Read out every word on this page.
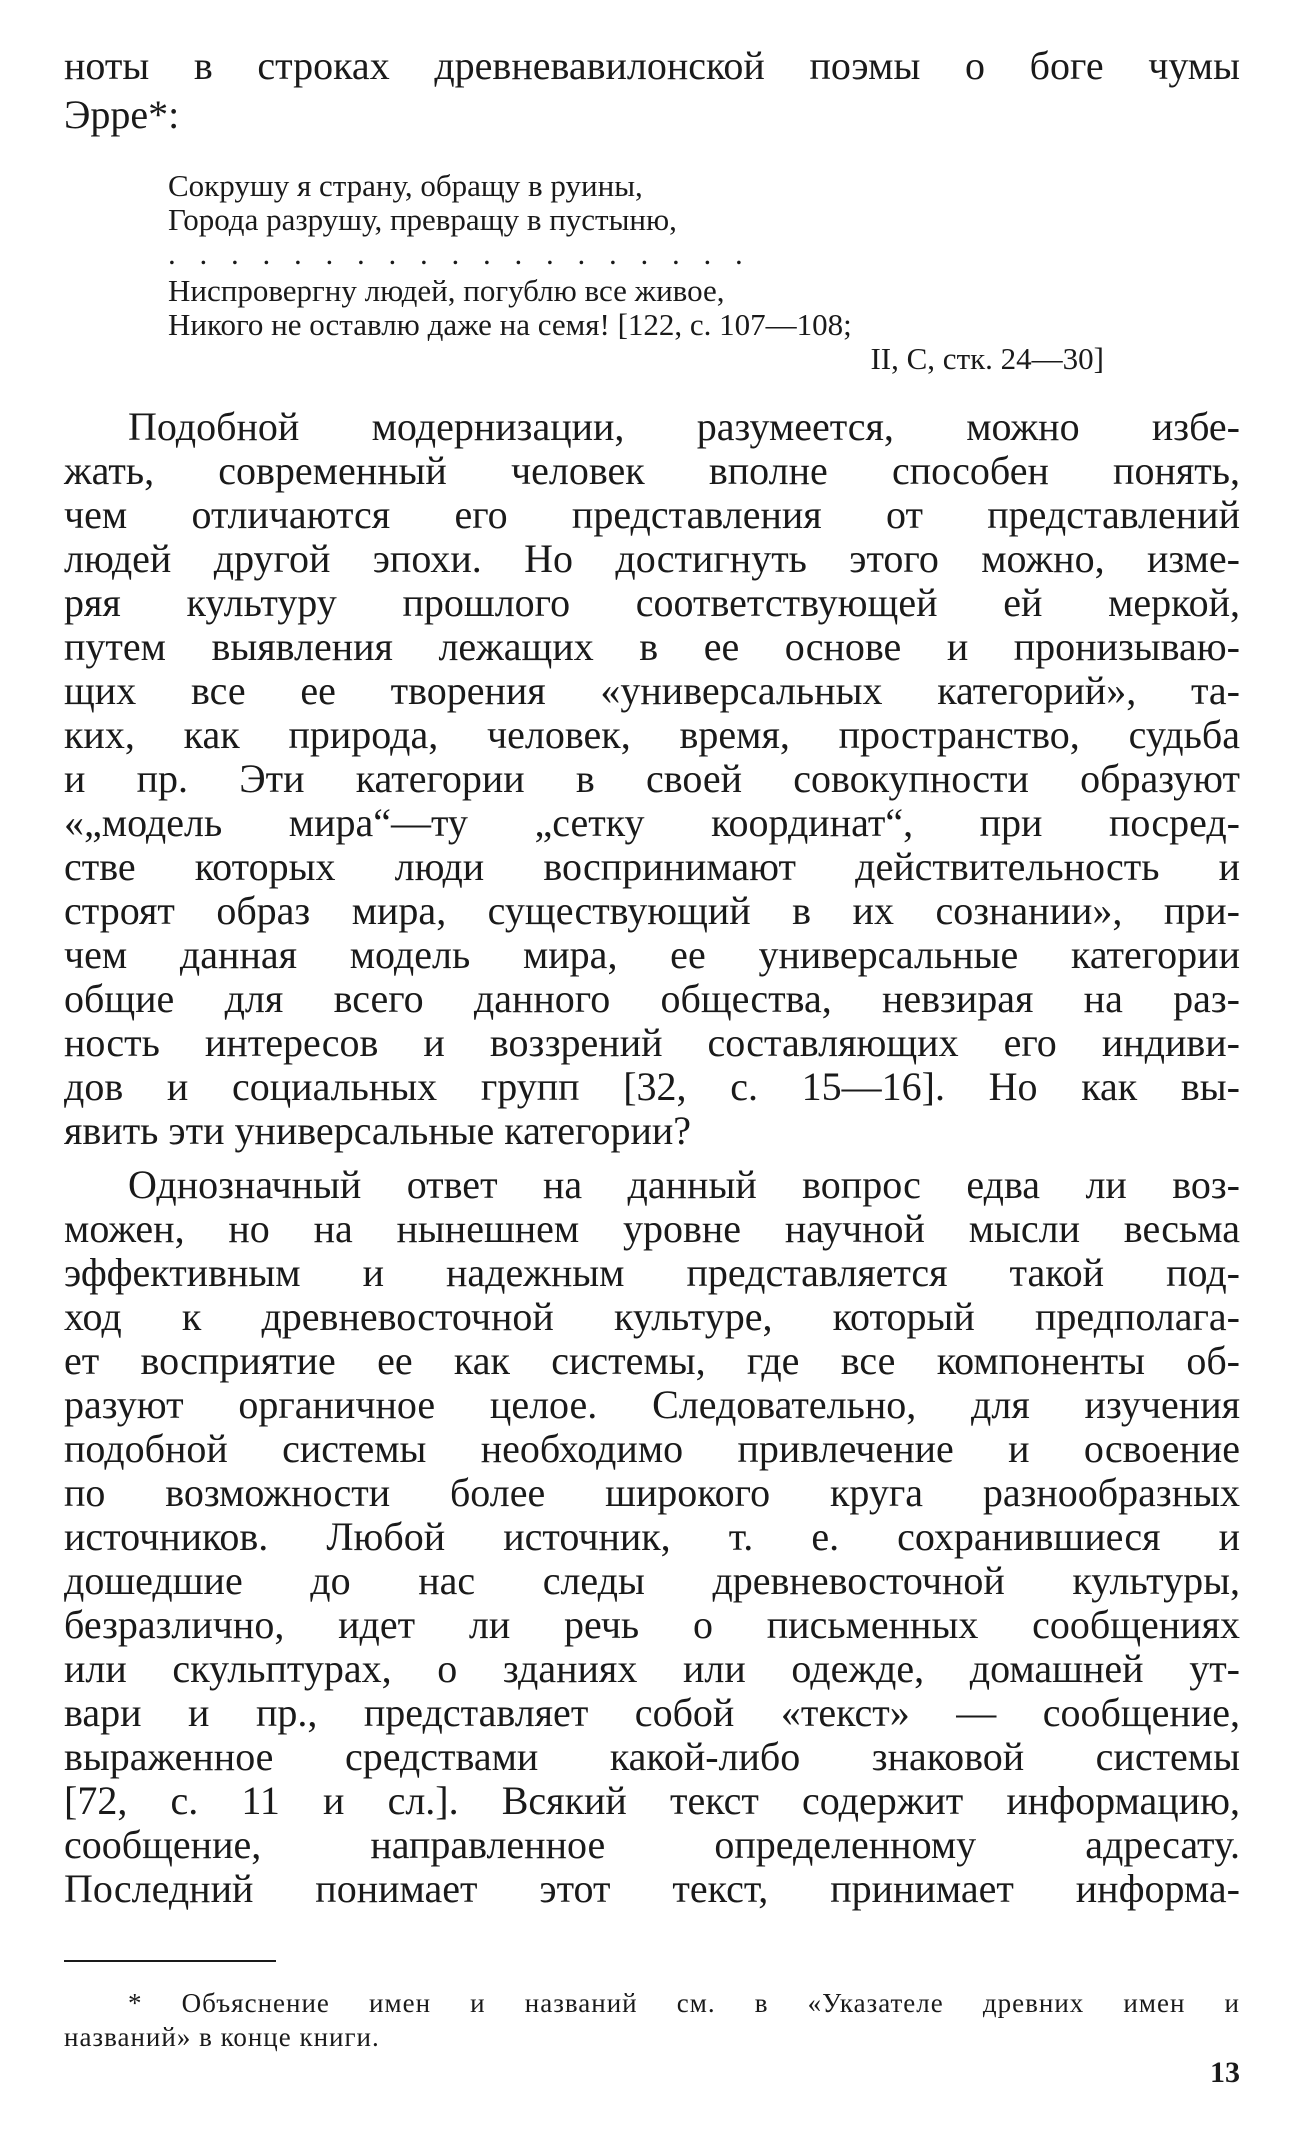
ноты в строках древневавилонской поэмы о боге чумы
Эрре*:
Сокрушу я страну, обращу в руины,
Города разрушу, превращу в пустыню,
. . . . . . . . . . . . . . . . . . .
Ниспровергну людей, погублю все живое,
Никого не оставлю даже на семя! [122, с. 107—108;
II, C, стк. 24—30]
Подобной модернизации, разумеется, можно избе-
жать, современный человек вполне способен понять,
чем отличаются его представления от представлений
людей другой эпохи. Но достигнуть этого можно, изме-
ряя культуру прошлого соответствующей ей меркой,
путем выявления лежащих в ее основе и пронизываю-
щих все ее творения «универсальных категорий», та-
ких, как природа, человек, время, пространство, судьба
и пр. Эти категории в своей совокупности образуют
«„модель мира“—ту „сетку координат“, при посред-
стве которых люди воспринимают действительность и
строят образ мира, существующий в их сознании», при-
чем данная модель мира, ее универсальные категории
общие для всего данного общества, невзирая на раз-
ность интересов и воззрений составляющих его индиви-
дов и социальных групп [32, с. 15—16]. Но как вы-
явить эти универсальные категории?
Однозначный ответ на данный вопрос едва ли воз-
можен, но на нынешнем уровне научной мысли весьма
эффективным и надежным представляется такой под-
ход к древневосточной культуре, который предполага-
ет восприятие ее как системы, где все компоненты об-
разуют органичное целое. Следовательно, для изучения
подобной системы необходимо привлечение и освоение
по возможности более широкого круга разнообразных
источников. Любой источник, т. е. сохранившиеся и
дошедшие до нас следы древневосточной культуры,
безразлично, идет ли речь о письменных сообщениях
или скульптурах, о зданиях или одежде, домашней ут-
вари и пр., представляет собой «текст» — сообщение,
выраженное средствами какой-либо знаковой системы
[72, с. 11 и сл.]. Всякий текст содержит информацию,
сообщение, направленное определенному адресату.
Последний понимает этот текст, принимает информа-
* Объяснение имен и названий см. в «Указателе древних имен и
названий» в конце книги.
13
